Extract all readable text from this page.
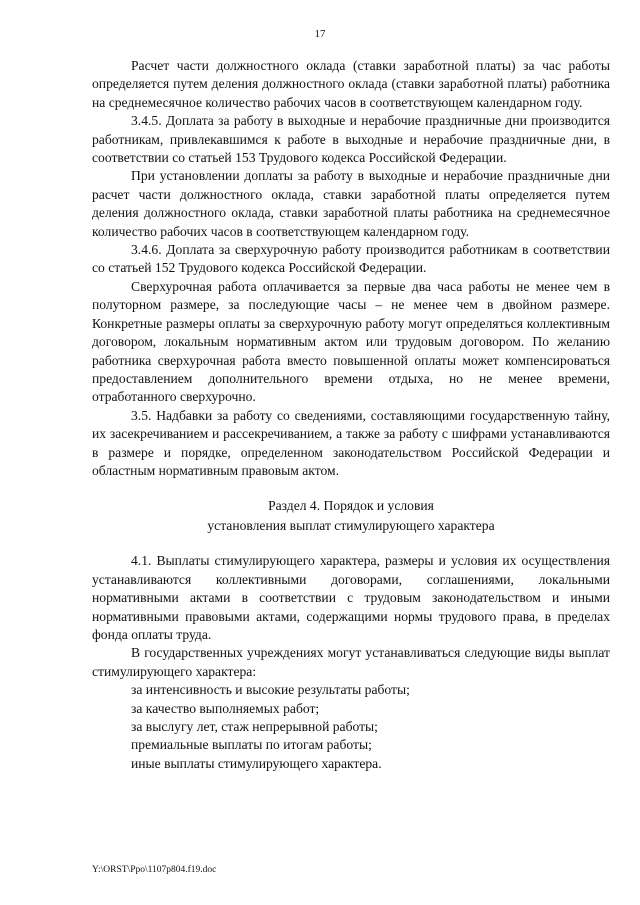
17

Расчет части должностного оклада (ставки заработной платы) за час работы определяется путем деления должностного оклада (ставки заработной платы) работника на среднемесячное количество рабочих часов в соответствующем календарном году.

3.4.5. Доплата за работу в выходные и нерабочие праздничные дни производится работникам, привлекавшимся к работе в выходные и нерабочие праздничные дни, в соответствии со статьей 153 Трудового кодекса Российской Федерации.

При установлении доплаты за работу в выходные и нерабочие праздничные дни расчет части должностного оклада, ставки заработной платы определяется путем деления должностного оклада, ставки заработной платы работника на среднемесячное количество рабочих часов в соответствующем календарном году.

3.4.6. Доплата за сверхурочную работу производится работникам в соответствии со статьей 152 Трудового кодекса Российской Федерации.

Сверхурочная работа оплачивается за первые два часа работы не менее чем в полуторном размере, за последующие часы – не менее чем в двойном размере. Конкретные размеры оплаты за сверхурочную работу могут определяться коллективным договором, локальным нормативным актом или трудовым договором. По желанию работника сверхурочная работа вместо повышенной оплаты может компенсироваться предоставлением дополнительного времени отдыха, но не менее времени, отработанного сверхурочно.

3.5. Надбавки за работу со сведениями, составляющими государственную тайну, их засекречиванием и рассекречиванием, а также за работу с шифрами устанавливаются в размере и порядке, определенном законодательством Российской Федерации и областным нормативным правовым актом.

Раздел 4. Порядок и условия
установления выплат стимулирующего характера

4.1. Выплаты стимулирующего характера, размеры и условия их осуществления устанавливаются коллективными договорами, соглашениями, локальными нормативными актами в соответствии с трудовым законодательством и иными нормативными правовыми актами, содержащими нормы трудового права, в пределах фонда оплаты труда.

В государственных учреждениях могут устанавливаться следующие виды выплат стимулирующего характера:

за интенсивность и высокие результаты работы;

за качество выполняемых работ;

за выслугу лет, стаж непрерывной работы;

премиальные выплаты по итогам работы;

иные выплаты стимулирующего характера.

Y:\ORST\Ppo\1107p804.f19.doc
